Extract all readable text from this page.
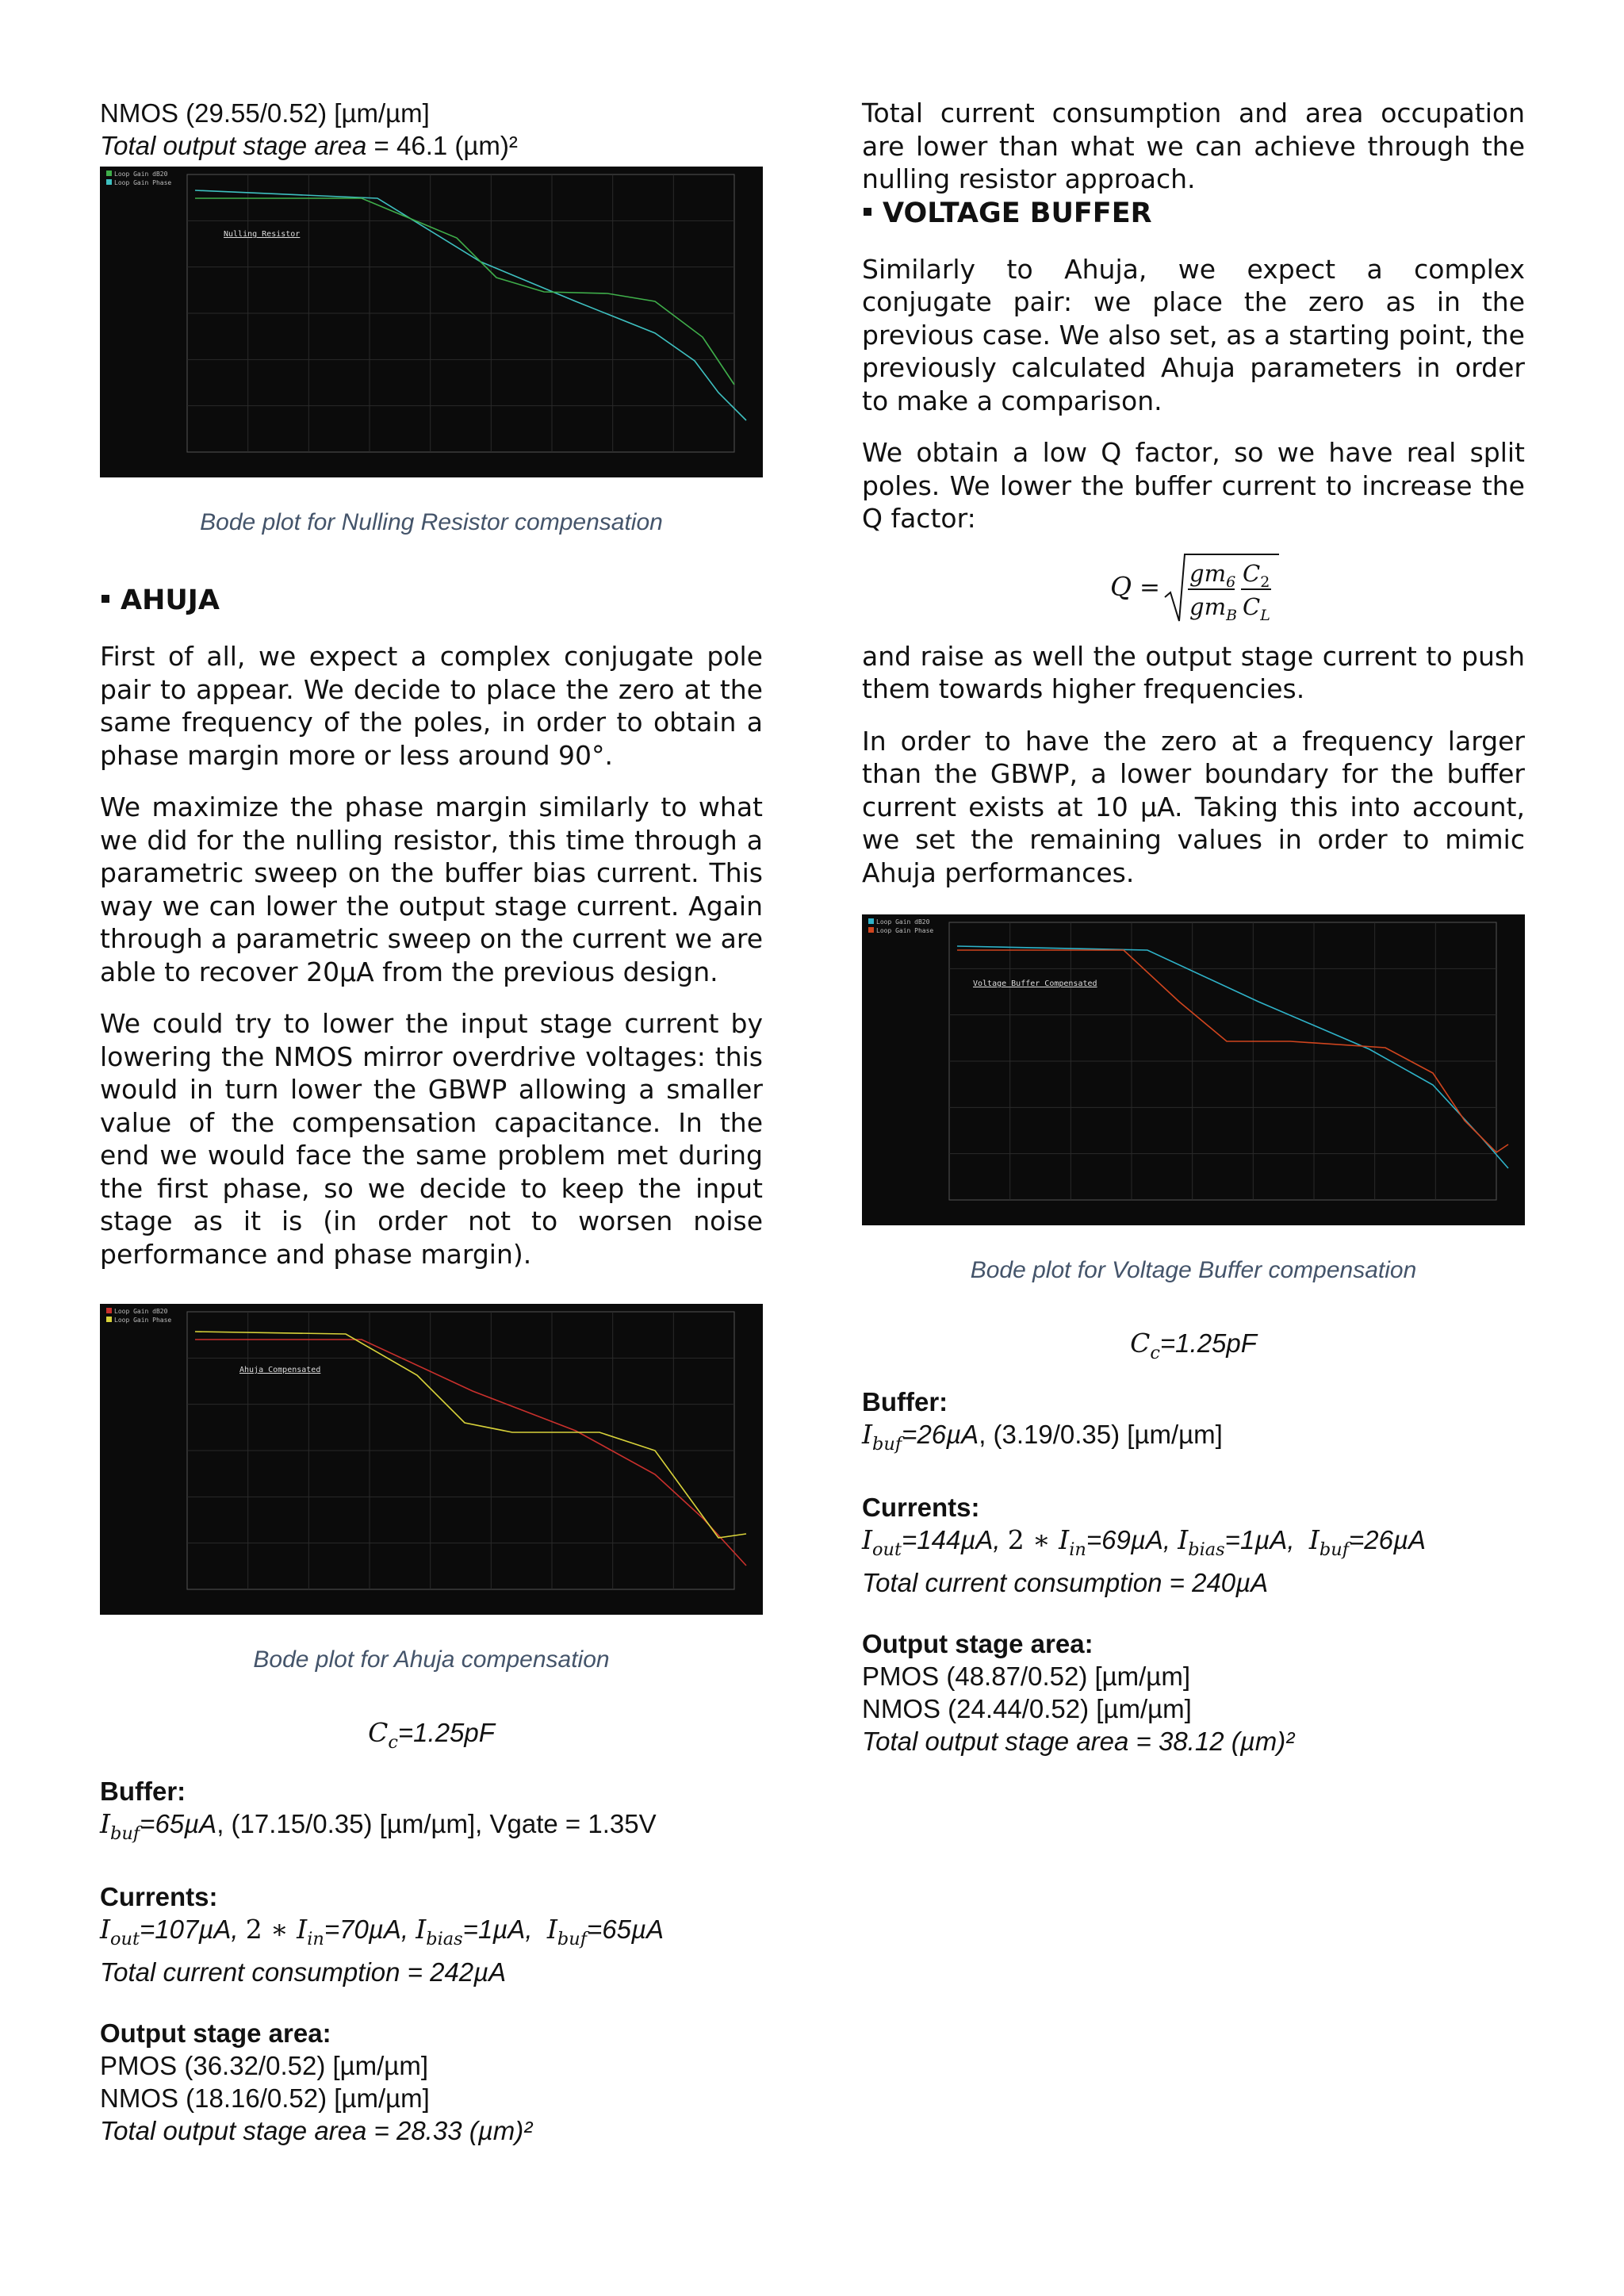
NMOS (29.55/0.52) [µm/µm]
Total output stage area = 46.1 (µm)²
Nulling Resistor
Loop Gain dB20
Loop Gain Phase

Bode plot for Nulling Resistor compensation

AHUJA

First of all, we expect a complex conjugate pole pair to appear. We decide to place the zero at the same frequency of the poles, in order to obtain a phase margin more or less around 90°.

We maximize the phase margin similarly to what we did for the nulling resistor, this time through a parametric sweep on the buffer bias current. This way we can lower the output stage current. Again through a parametric sweep on the current we are able to recover 20µA from the previous design.

We could try to lower the input stage current by lowering the NMOS mirror overdrive voltages: this would in turn lower the GBWP allowing a smaller value of the compensation capacitance. In the end we would face the same problem met during the first phase, so we decide to keep the input stage as it is (in order not to worsen noise performance and phase margin).

Ahuja Compensated
Loop Gain dB20
Loop Gain Phase

Bode plot for Ahuja compensation

$C_c=1.25pF$
Buffer:
$I_{buf}=65\mu A$, (17.15/0.35) [µm/µm], Vgate = 1.35V
Currents:
$I_{out}=107\mu A$, 2 ∗ $I_{in}=70\mu A$, $I_{bias}=1\mu A$,  $I_{buf}=65\mu A$
Total current consumption = 242µA
Output stage area:
PMOS (36.32/0.52) [µm/µm]
NMOS (18.16/0.52) [µm/µm]
Total output stage area = 28.33 (µm)²

Total current consumption and area occupation are lower than what we can achieve through the nulling resistor approach.

VOLTAGE BUFFER

Similarly to Ahuja, we expect a complex conjugate pair: we place the zero as in the previous case. We also set, as a starting point, the previously calculated Ahuja parameters in order to make a comparison.

We obtain a low Q factor, so we have real split poles. We lower the buffer current to increase the Q factor:

$Q = gm_6$
$gm_B$
$C_2$
$C_L$

and raise as well the output stage current to push them towards higher frequencies.

In order to have the zero at a frequency larger than the GBWP, a lower boundary for the buffer current exists at 10 µA. Taking this into account, we set the remaining values in order to mimic Ahuja performances.

Voltage Buffer Compensated
Loop Gain dB20
Loop Gain Phase

Bode plot for Voltage Buffer compensation

$C_c=1.25pF$
Buffer:
$I_{buf}=26\mu A$, (3.19/0.35) [µm/µm]
Currents:
$I_{out}=144\mu A$, 2 ∗ $I_{in}=69\mu A$, $I_{bias}=1\mu A$,  $I_{buf}=26\mu A$
Total current consumption = 240µA
Output stage area:
PMOS (48.87/0.52) [µm/µm]
NMOS (24.44/0.52) [µm/µm]
Total output stage area = 38.12 (µm)²
